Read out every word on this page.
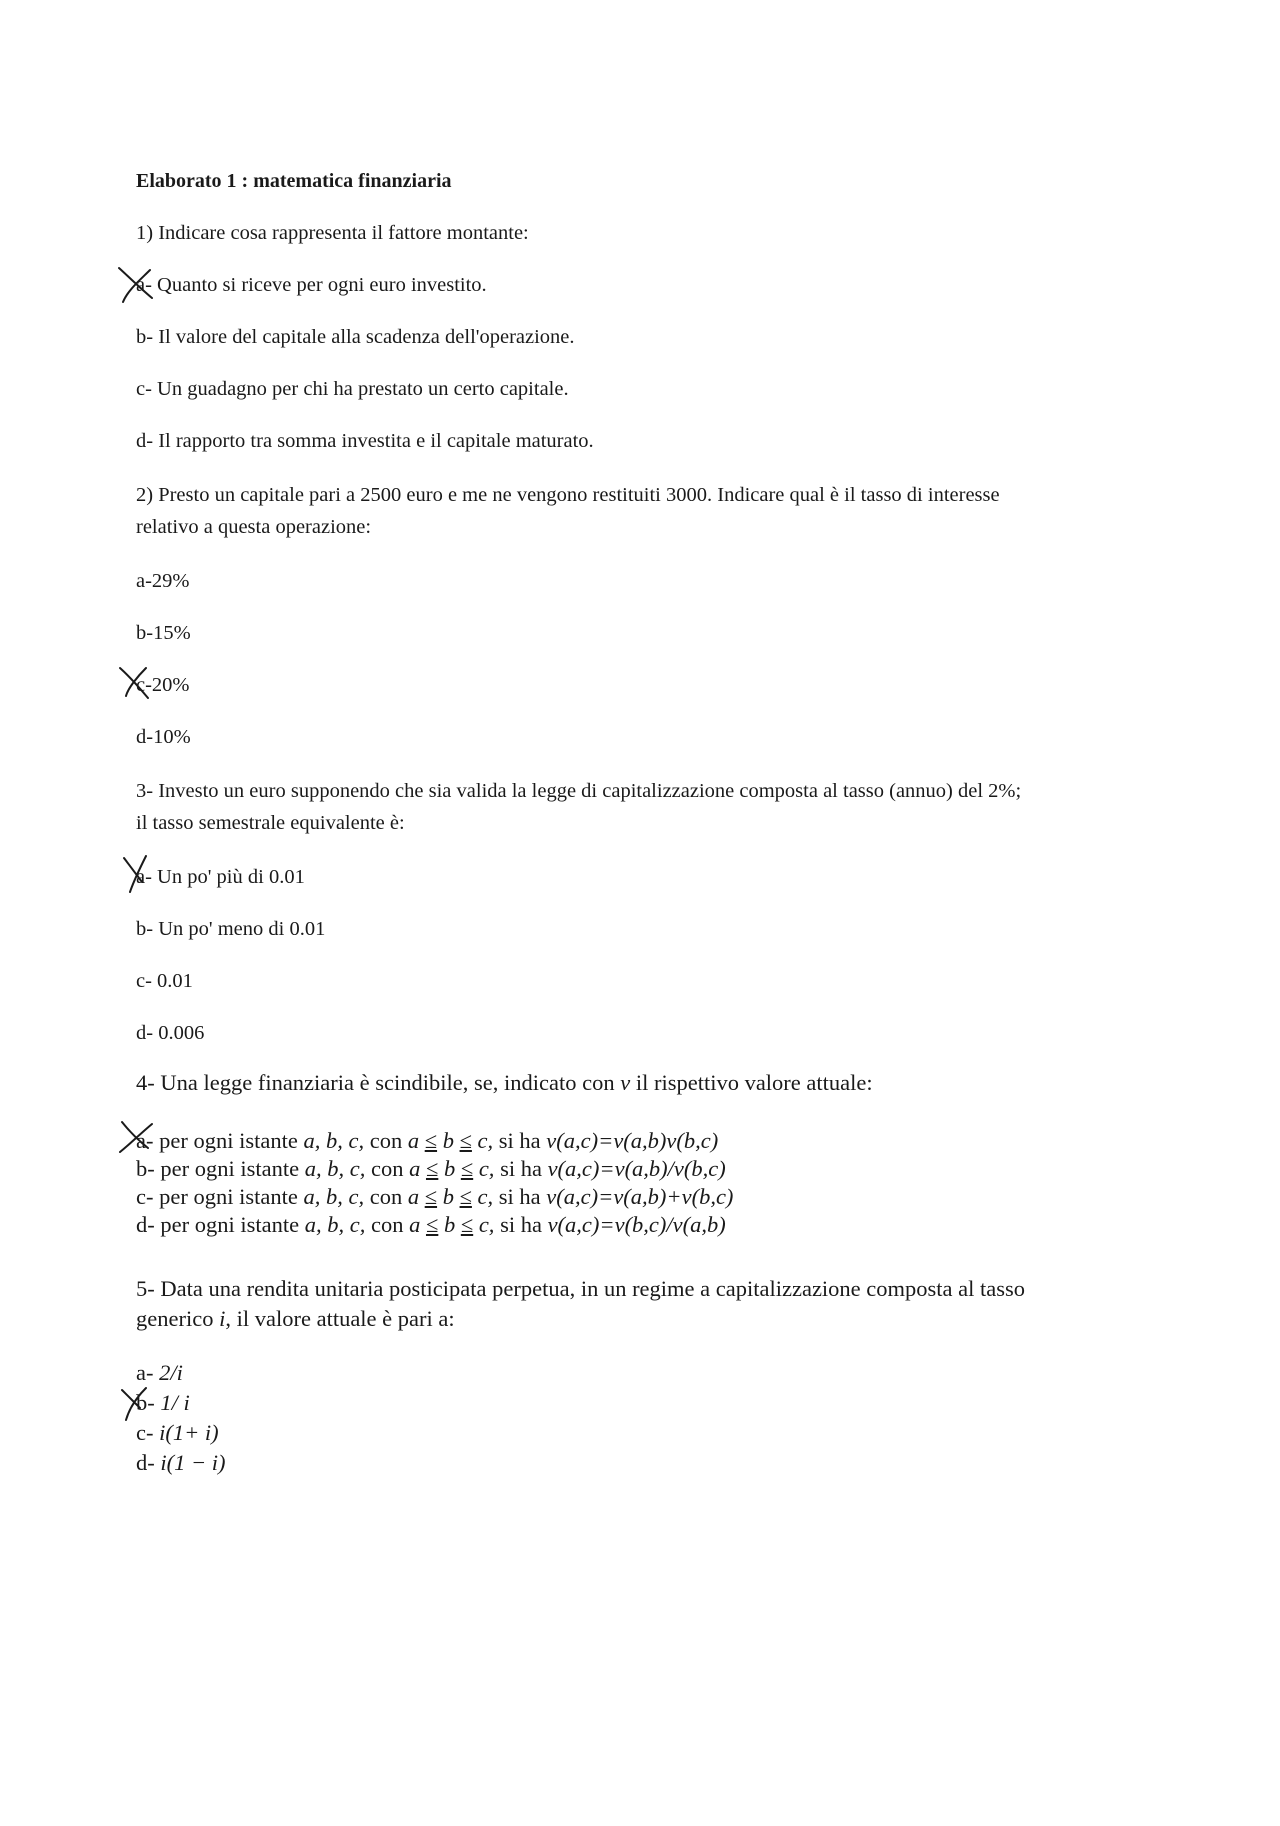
Elaborato 1 : matematica finanziaria
1) Indicare cosa rappresenta il fattore montante:
a- Quanto si riceve per ogni euro investito.
b- Il valore del capitale alla scadenza dell'operazione.
c- Un guadagno per chi ha prestato un certo capitale.
d- Il rapporto tra somma investita e il capitale maturato.
2) Presto un capitale pari a 2500 euro e me ne vengono restituiti 3000. Indicare qual è il tasso di interesse
relativo a questa operazione:
a-29%
b-15%
c-20%
d-10%
3- Investo un euro supponendo che sia valida la legge di capitalizzazione composta al tasso (annuo) del 2%;
il tasso semestrale equivalente è:
a- Un po' più di 0.01
b- Un po' meno di 0.01
c- 0.01
d- 0.006
4- Una legge finanziaria è scindibile, se, indicato con v il rispettivo valore attuale:
a- per ogni istante a, b, c, con a ≤ b ≤ c, si ha v(a,c)=v(a,b)v(b,c)
b- per ogni istante a, b, c, con a ≤ b ≤ c, si ha v(a,c)=v(a,b)/v(b,c)
c- per ogni istante a, b, c, con a ≤ b ≤ c, si ha v(a,c)=v(a,b)+v(b,c)
d- per ogni istante a, b, c, con a ≤ b ≤ c, si ha v(a,c)=v(b,c)/v(a,b)
5- Data una rendita unitaria posticipata perpetua, in un regime a capitalizzazione composta al tasso
generico i, il valore attuale è pari a:
a- 2/i
b- 1/ i
c- i(1+ i)
d- i(1 − i)
